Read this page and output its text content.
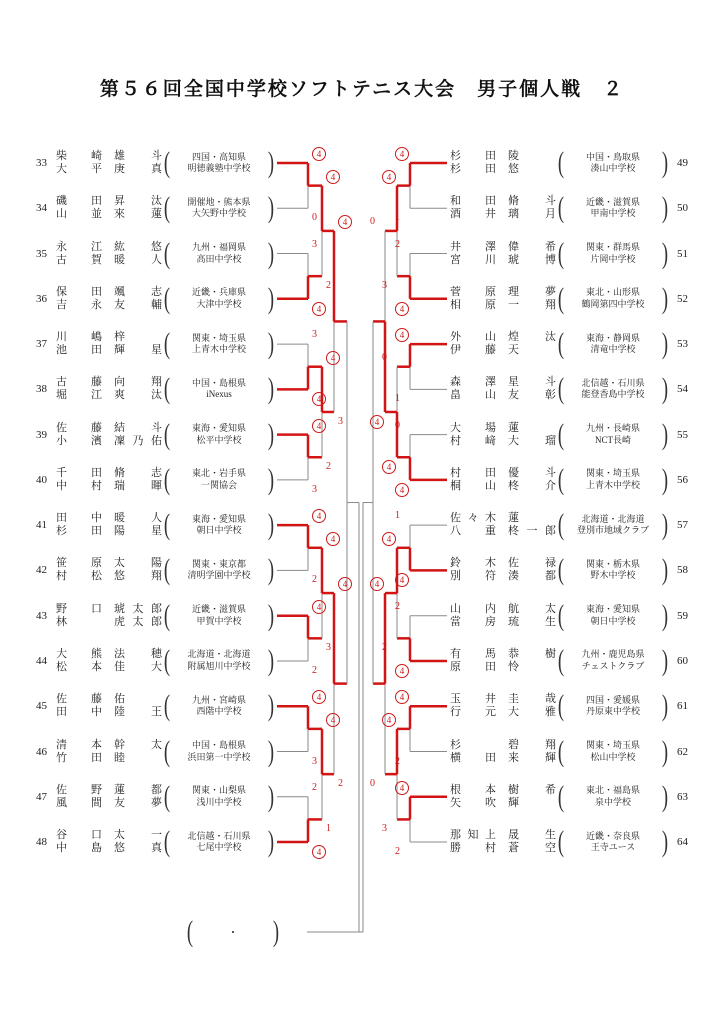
第５６回全国中学校ソフトテニス大会　男子個人戦　２
33
柴 崎 雄 斗
大 平 庚 真 (	四国・高知県
明徳義塾中学校 )
34
磯 田 昇 汰
山 並 來 蓮 (	開催地・熊本県
大矢野中学校 )
35
永 江 紘 悠
古 賀 暖 人 (	九州・福岡県
高田中学校 )
36
保 田 颯 志
吉 永 友 輔 (	近畿・兵庫県
大津中学校 )
37
川 嶋 梓
池 田 輝 星 (	関東・埼玉県
上青木中学校 )
38
古 藤 向 翔
堀 江 爽 汰 (	中国・島根県
iNexus	)
39
佐 藤 結 斗
小 濱 凜 乃 佑 (	東海・愛知県
松平中学校 )
40
千 田 脩 志
中 村 瑞 暉 (	東北・岩手県
一関協会	)
41
田 中 暖 人
杉 田 陽 星 (	東海・愛知県
朝日中学校 )
42
笹 原 太 陽
村 松 悠 翔 (	関東・東京都
清明学園中学校 )
43
野 口 琥 太 郎
林	虎 太 郎 (	近畿・滋賀県
甲賀中学校 )
44
大 熊 法 穂
松 本 佳 大 (	北海道・北海道
附属旭川中学校 )
45
佐 藤 佑
田 中 陸 王 (	九州・宮崎県
西階中学校 )
46
清 本 幹 太
竹 田 睦 (	中国・島根県
浜田第一中学校 )
47
佐 野 蓮 都
風 間 友 夢 (	関東・山梨県
浅川中学校 )
48
谷 口 太 一
中 島 悠 真 (	北信越・石川県
七尾中学校 )
杉 田 陵
杉 田 悠 (	中国・鳥取県
湊山中学校 ) 49
和 田 脩 斗
酒 井 璃 月 (	近畿・滋賀県
甲南中学校 ) 50
井 澤 偉 希
宮 川 琥 博 (	関東・群馬県
片岡中学校 ) 51
菅 原 理 夢
相 原 一 翔 (	東北・山形県
鶴岡第四中学校 ) 52
外 山 煌 汰
伊 藤 天 (	東海・静岡県
清竜中学校 ) 53
森 澤 星 斗
畠 山 友 彰 (	北信越・石川県
能登香島中学校 ) 54
大 場 蓮
村 﨑 大 瑠 (	九州・長崎県
NCT長崎	) 55
村 田 優 斗
桐 山 柊 介 (	関東・埼玉県
上青木中学校 ) 56
佐 々 木 蓮
八 重 柊 一 郎 (	北海道・北海道
登別市地域クラブ ) 57
鈴 木 佐 禄
別 符 湊 都 (	関東・栃木県
野木中学校 ) 58
山 内 航 太
當 房 琉 生 (	東海・愛知県
朝日中学校 ) 59
有 馬 恭 樹
原 田 怜 (	九州・鹿児島県
チェストクラブ ) 60
玉 井 圭 哉
行 元 大 雅 (	四国・愛媛県
丹原東中学校 ) 61
杉	碧 翔
横 田 来 輝 (	関東・埼玉県
松山中学校 ) 62
根 本 樹 希
矢 吹 輝 (	東北・福島県
泉中学校	) 63
那 知 上 晟 生
勝 村 蒼 空 (	近畿・奈良県
王寺ユース ) 64
4
0
3
4
3
4
4
3
4
2
4
2
4
3
2
4
4
1
2
4
4
1
0
4
1
4
2
4
4
2
4
2
4
2
4
2
4
3
4
1
4
3
0
4
4
2
4
3
4
3
4
2
0
4
4
0
(	・	)
